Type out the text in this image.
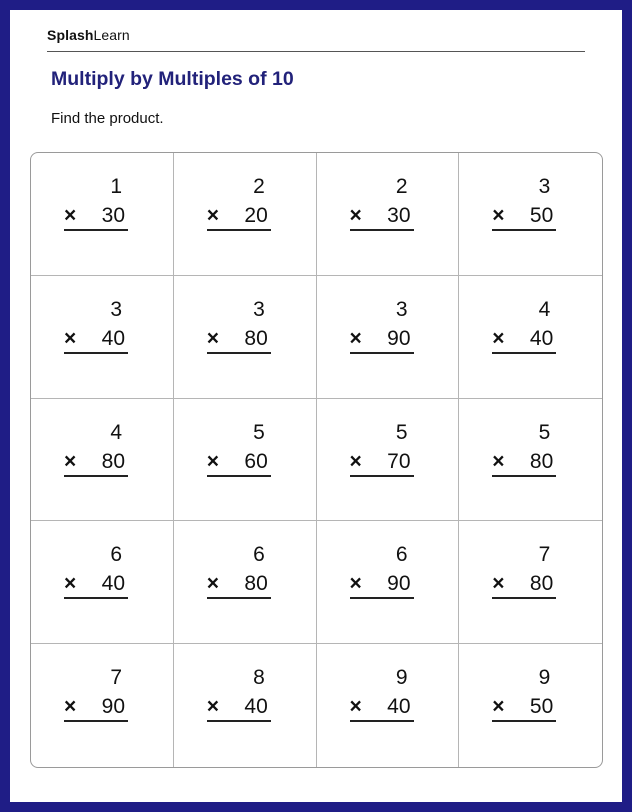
SplashLearn
Multiply by Multiples of 10
Find the product.
1
× 30
2
× 20
2
× 30
3
× 50
3
× 40
3
× 80
3
× 90
4
× 40
4
× 80
5
× 60
5
× 70
5
× 80
6
× 40
6
× 80
6
× 90
7
× 80
7
× 90
8
× 40
9
× 40
9
× 50
